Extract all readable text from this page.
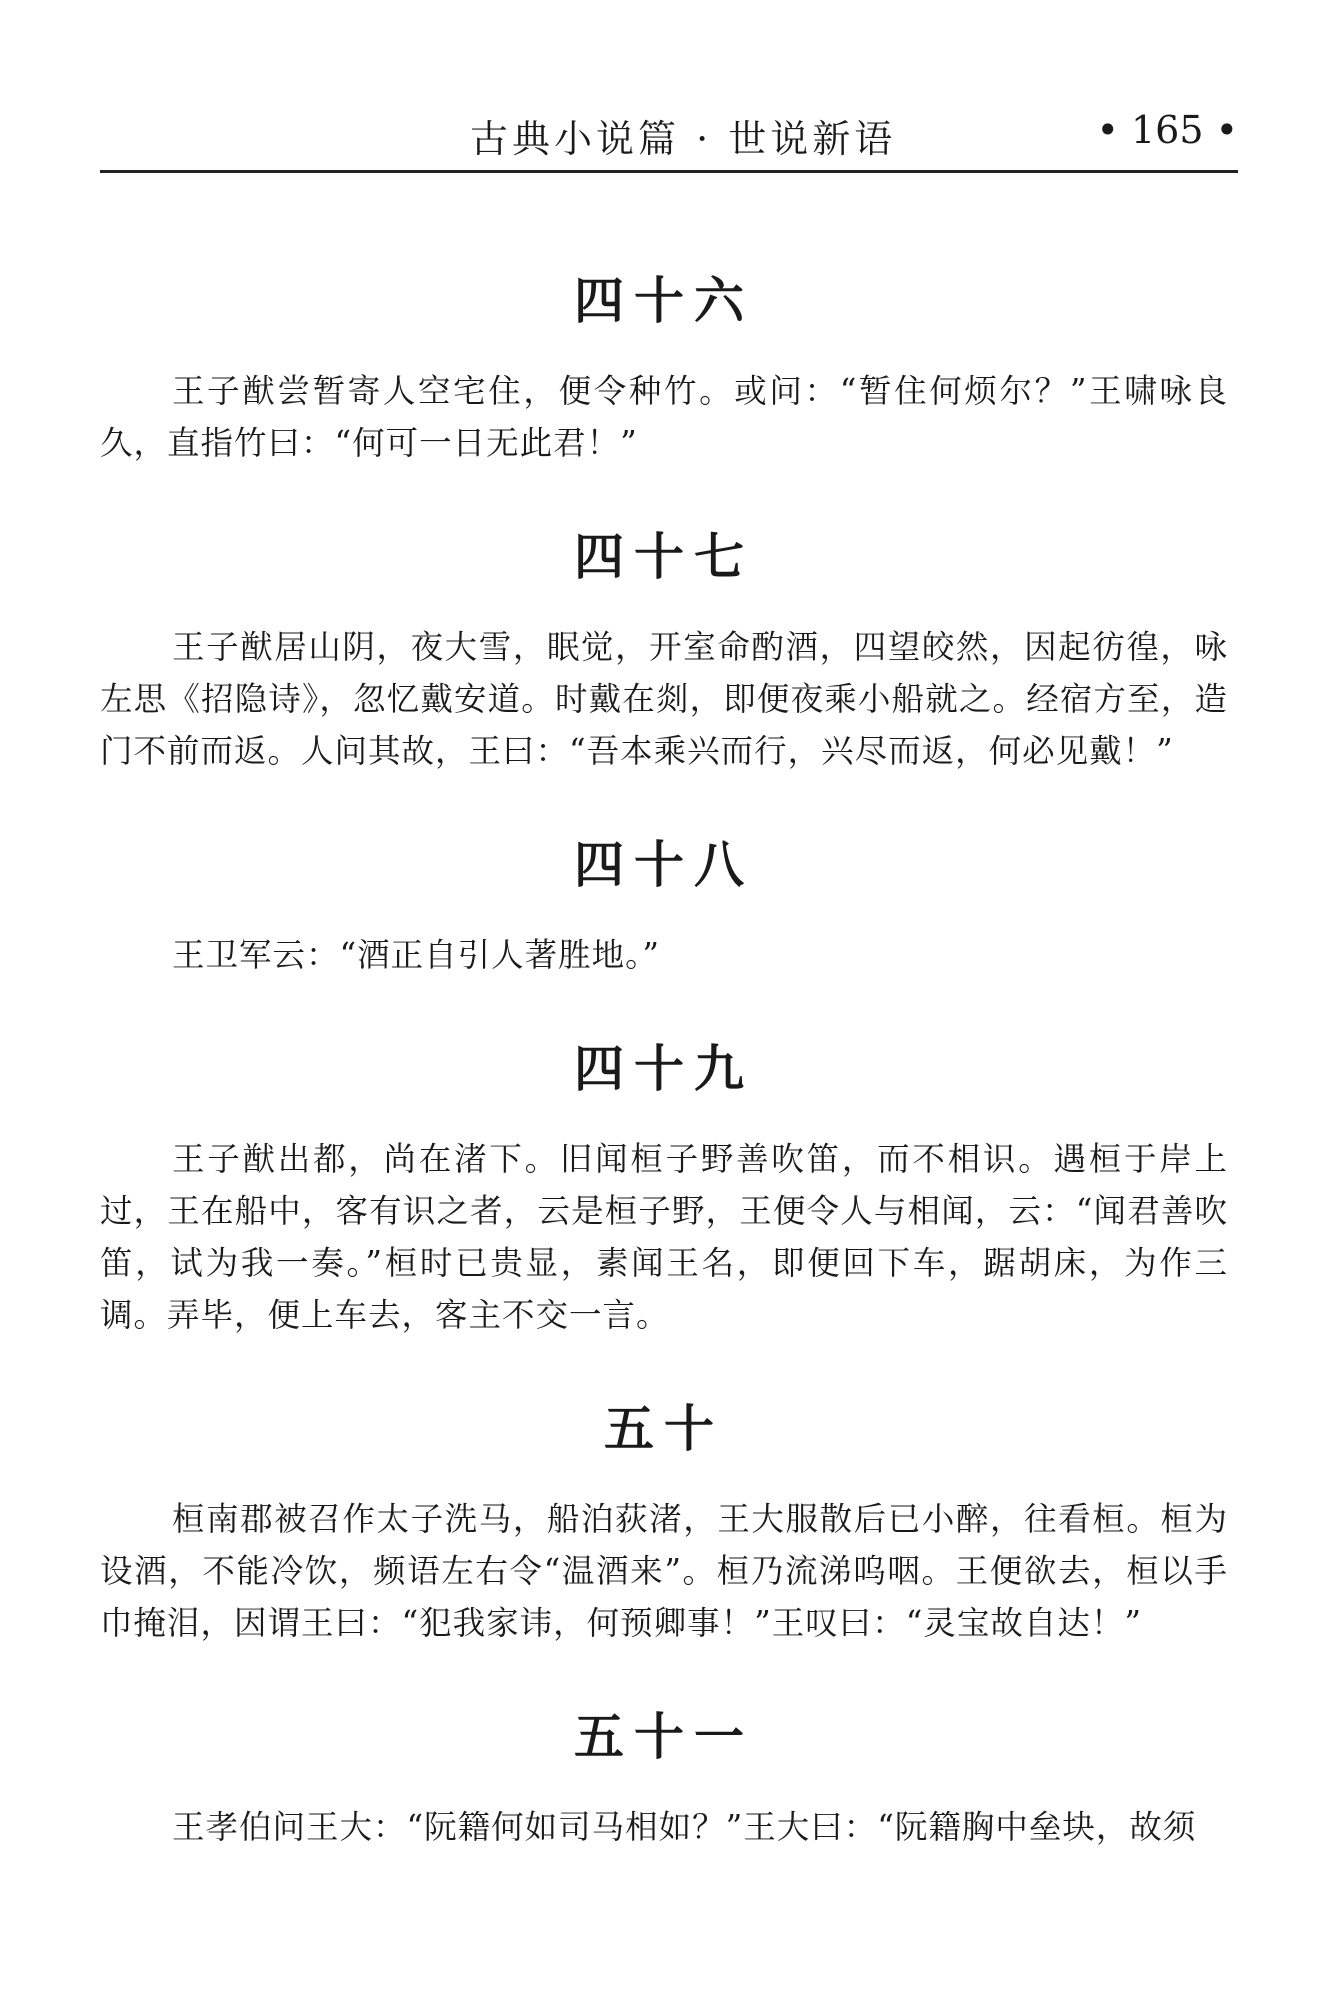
古典小说篇 · 世说新语	• 165 •
四十六

王子猷尝暂寄人空宅住，便令种竹。或问：“暂住何烦尔？”王啸咏良久，直指竹曰：“何可一日无此君！”

四十七

王子猷居山阴，夜大雪，眠觉，开室命酌酒，四望皎然，因起彷徨，咏左思《招隐诗》，忽忆戴安道。时戴在剡，即便夜乘小船就之。经宿方至，造门不前而返。人问其故，王曰：“吾本乘兴而行，兴尽而返，何必见戴！”

四十八

王卫军云：“酒正自引人著胜地。”

四十九

王子猷出都，尚在渚下。旧闻桓子野善吹笛，而不相识。遇桓于岸上过，王在船中，客有识之者，云是桓子野，王便令人与相闻，云：“闻君善吹笛，试为我一奏。”桓时已贵显，素闻王名，即便回下车，踞胡床，为作三调。弄毕，便上车去，客主不交一言。

五十

桓南郡被召作太子洗马，船泊荻渚，王大服散后已小醉，往看桓。桓为设酒，不能冷饮，频语左右令“温酒来”。桓乃流涕呜咽。王便欲去，桓以手巾掩泪，因谓王曰：“犯我家讳，何预卿事！”王叹曰：“灵宝故自达！”

五十一

王孝伯问王大：“阮籍何如司马相如？”王大曰：“阮籍胸中垒块，故须
